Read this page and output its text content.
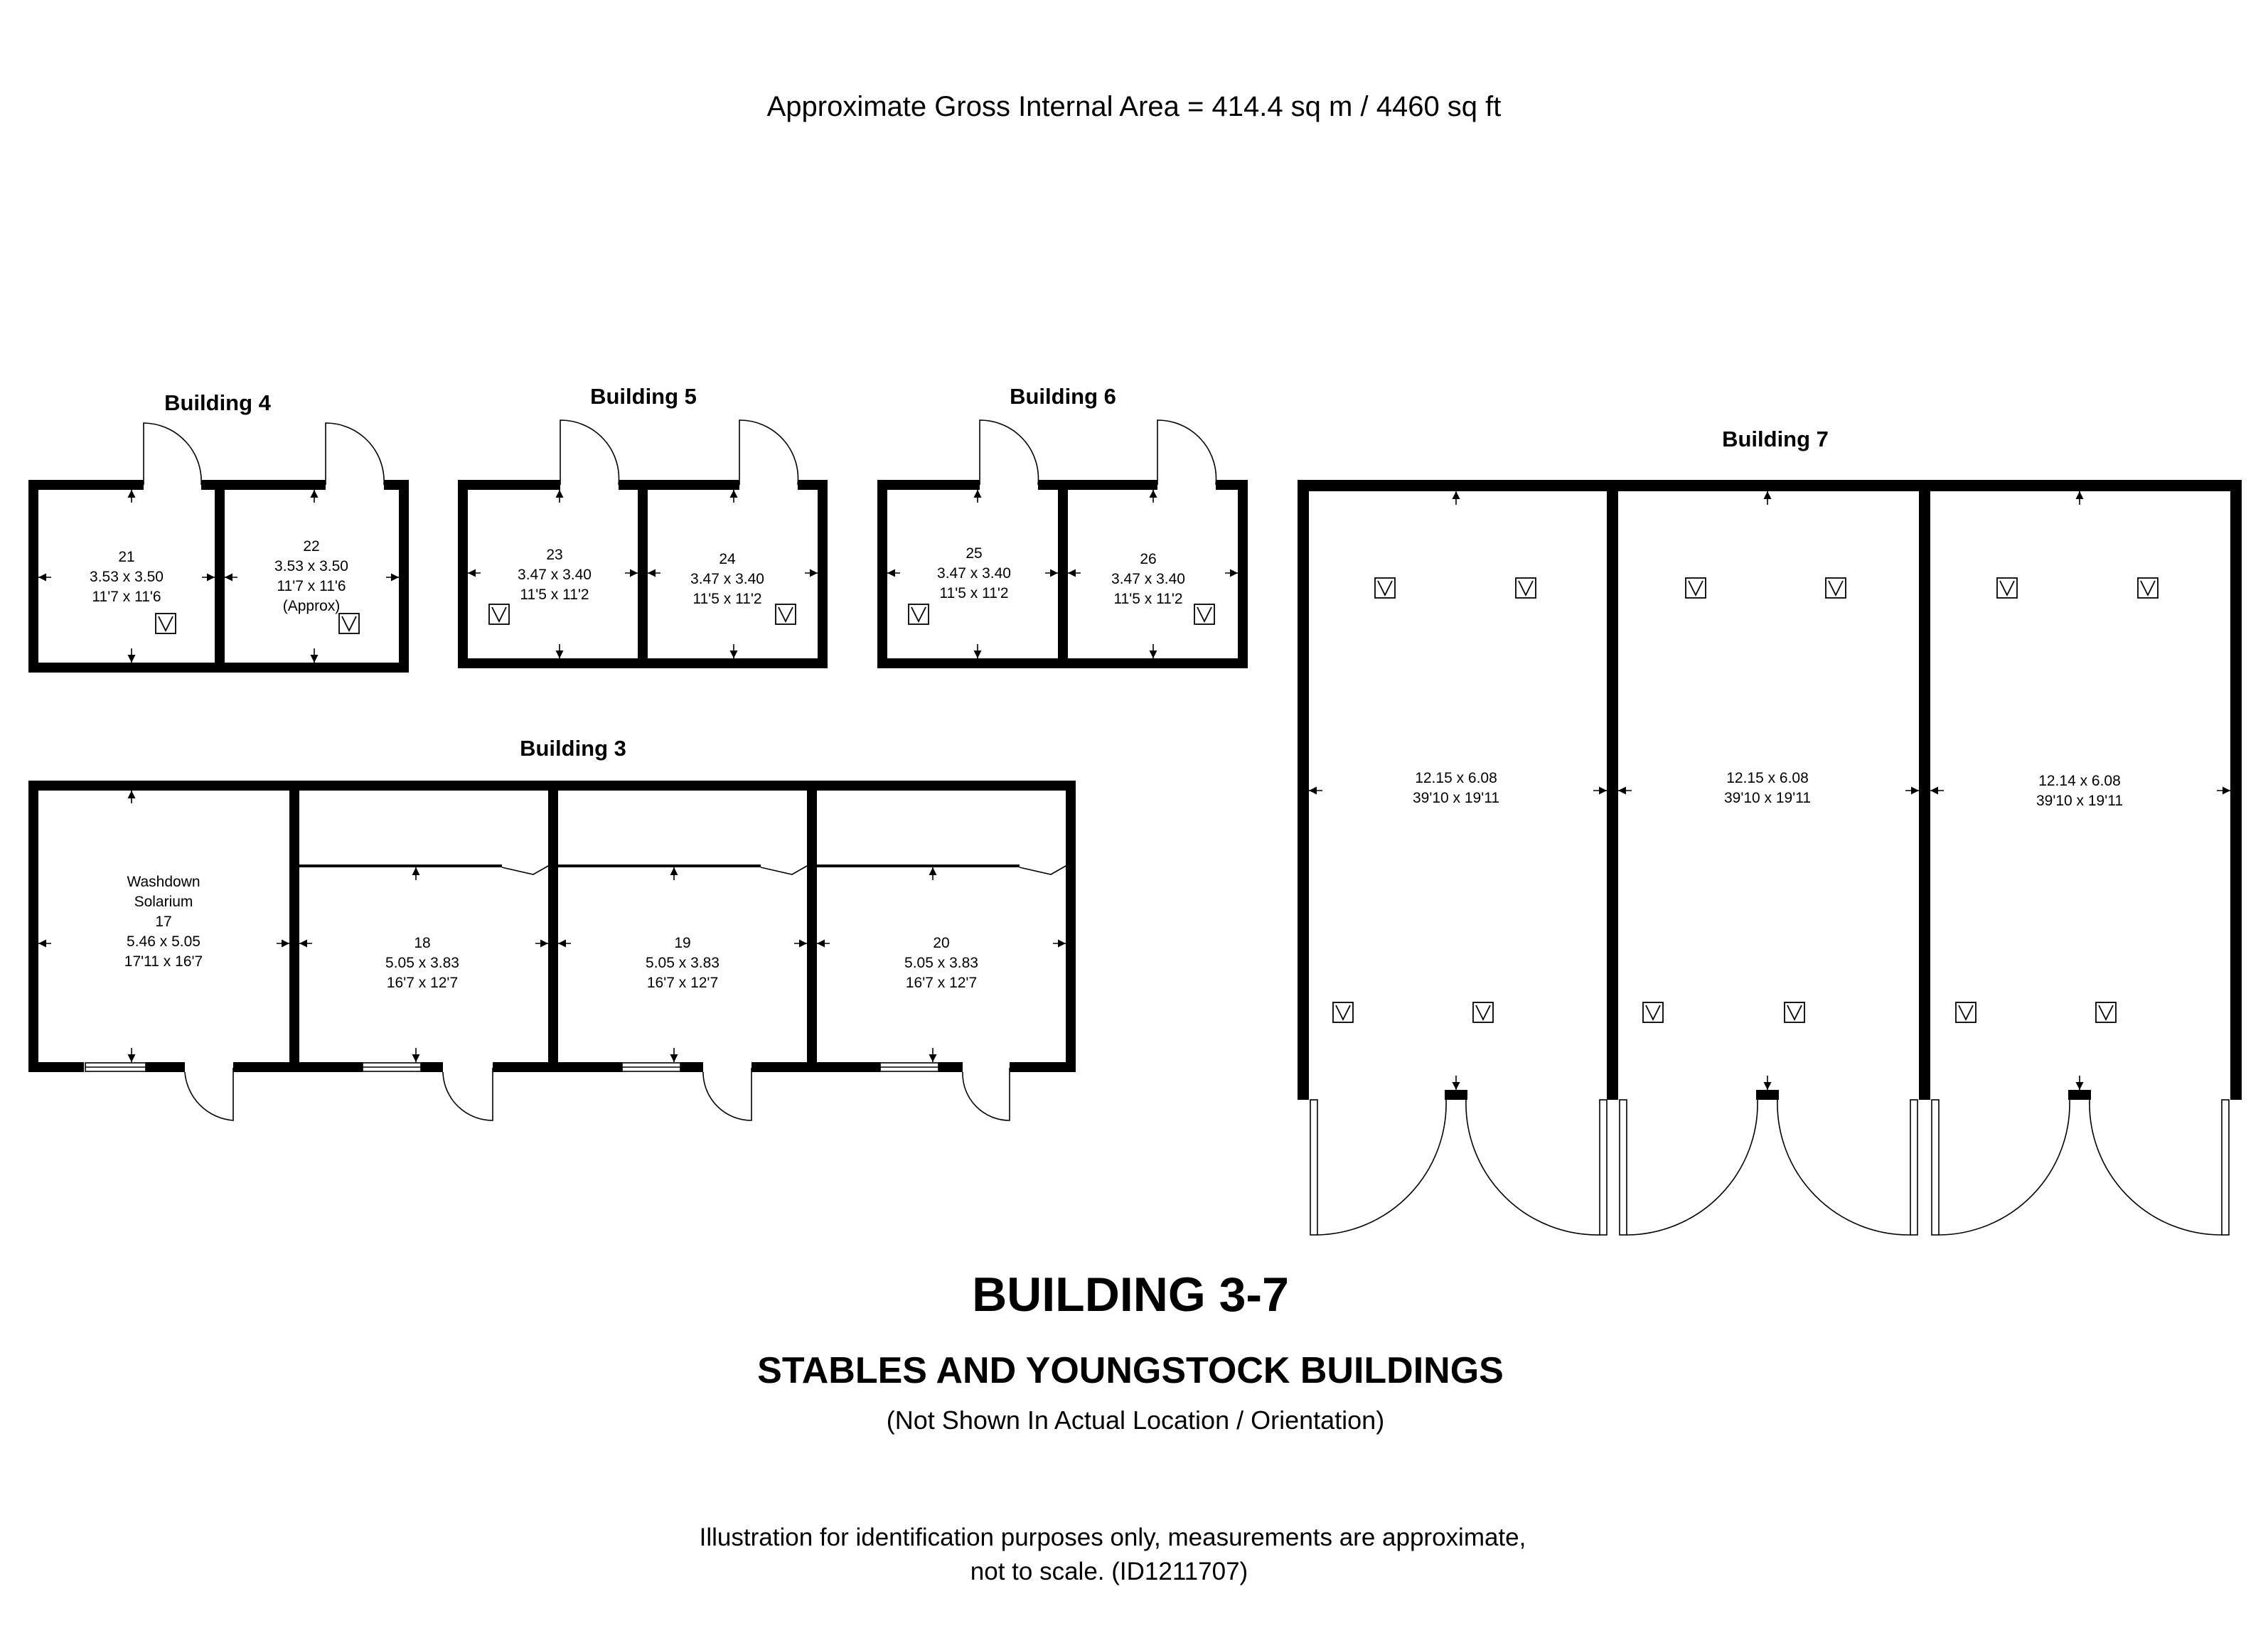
Approximate Gross Internal Area = 414.4 sq m / 4460 sq ft
Building 4	Building 5	Building 6
Building 7
Building 3
21
3.53 x 3.50
11'7 x 11'6
22
3.53 x 3.50
11'7 x 11'6
(Approx)
23
3.47 x 3.40
11'5 x 11'2
24
3.47 x 3.40
11'5 x 11'2
25
3.47 x 3.40
11'5 x 11'2
26
3.47 x 3.40
11'5 x 11'2
Washdown
Solarium
17
5.46 x 5.05
17'11 x 16'7
18
5.05 x 3.83
16'7 x 12'7
19
5.05 x 3.83
16'7 x 12'7
20
5.05 x 3.83
16'7 x 12'7
12.15 x 6.08
39'10 x 19'11
12.15 x 6.08
39'10 x 19'11
12.14 x 6.08
39'10 x 19'11
BUILDING 3-7
STABLES AND YOUNGSTOCK BUILDINGS
(Not Shown In Actual Location / Orientation)
Illustration for identification purposes only, measurements are approximate,
not to scale. (ID1211707)
